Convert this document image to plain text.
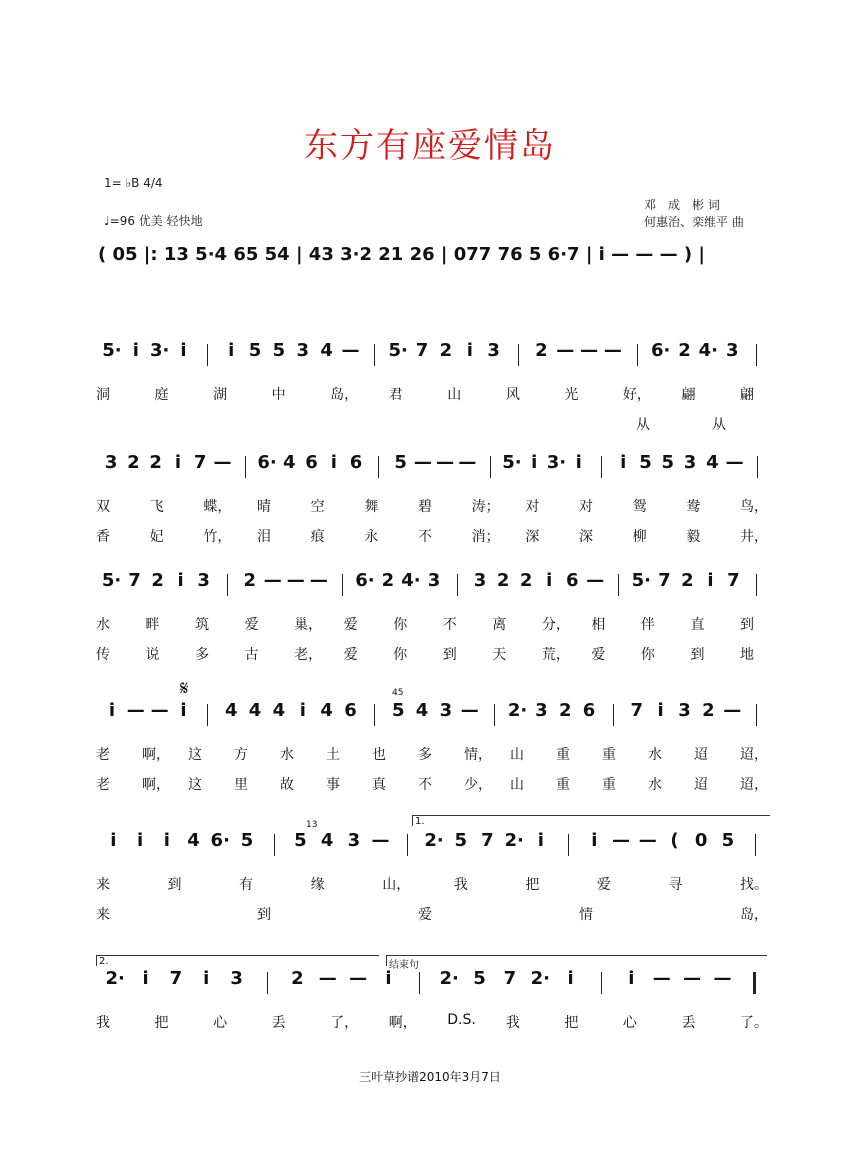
东方有座爱情岛
1= ♭B 4/4
♩=96 优美 轻快地
邓　成　彬 词
何惠治、栾维平 曲
( 05 |: 13 5·4 65 54 | 43 3·2 21 26 | 077 76 5 6·7 | i — — — ) |
5· i 3· i	i 5 5 3 4 —	5· 7 2 i 3	2 — — —	6· 2 4· 3
洞	庭	湖	中	岛， 君	山	风	光	好， 翩	翩
从	从
3 2 2 i 7 —	6· 4 6 i 6	5 — — —	5· i 3· i	i 5 5 3 4 —
双	飞	蝶， 晴	空	舞	碧	涛； 对	对	鸳	鸯	鸟，
香	妃	竹， 泪	痕	永	不	消； 深	深	柳	毅	井，
5· 7 2 i 3	2 — — —	6· 2 4· 3	3 2 2 i 6 —	5· 7 2 i 7
水	畔	筑	爱	巢， 爱	你	不	离	分， 相	伴	直	到
传	说	多	古	老， 爱	你	到	天	荒， 爱	你	到	地
i — — i	4 4 4 i 4 6	5 4 3 —	2· 3 2 6	7 i 3 2 —
老 啊， 这 方 水 土 也 多 情， 山 重 重 水 迢 迢，
老 啊， 这 里 故 事 真 不 少， 山 重 重 水 迢 迢，
i	i	i 4 6· 5	5 4 3 —	2· 5 7 2· i	i — — ( 0 5
来	到	有	缘	山，	我	把	爱	寻	找。
来	到	爱	情	岛，
2· i	7	i	3	2 — —	i	2· 5 7 2· i	i	— — —
我	把	心	丢	了， 啊， D.S. 我	把	心	丢	了。
1.
2.	结束句
45
13
𝄋
三叶草抄谱2010年3月7日
